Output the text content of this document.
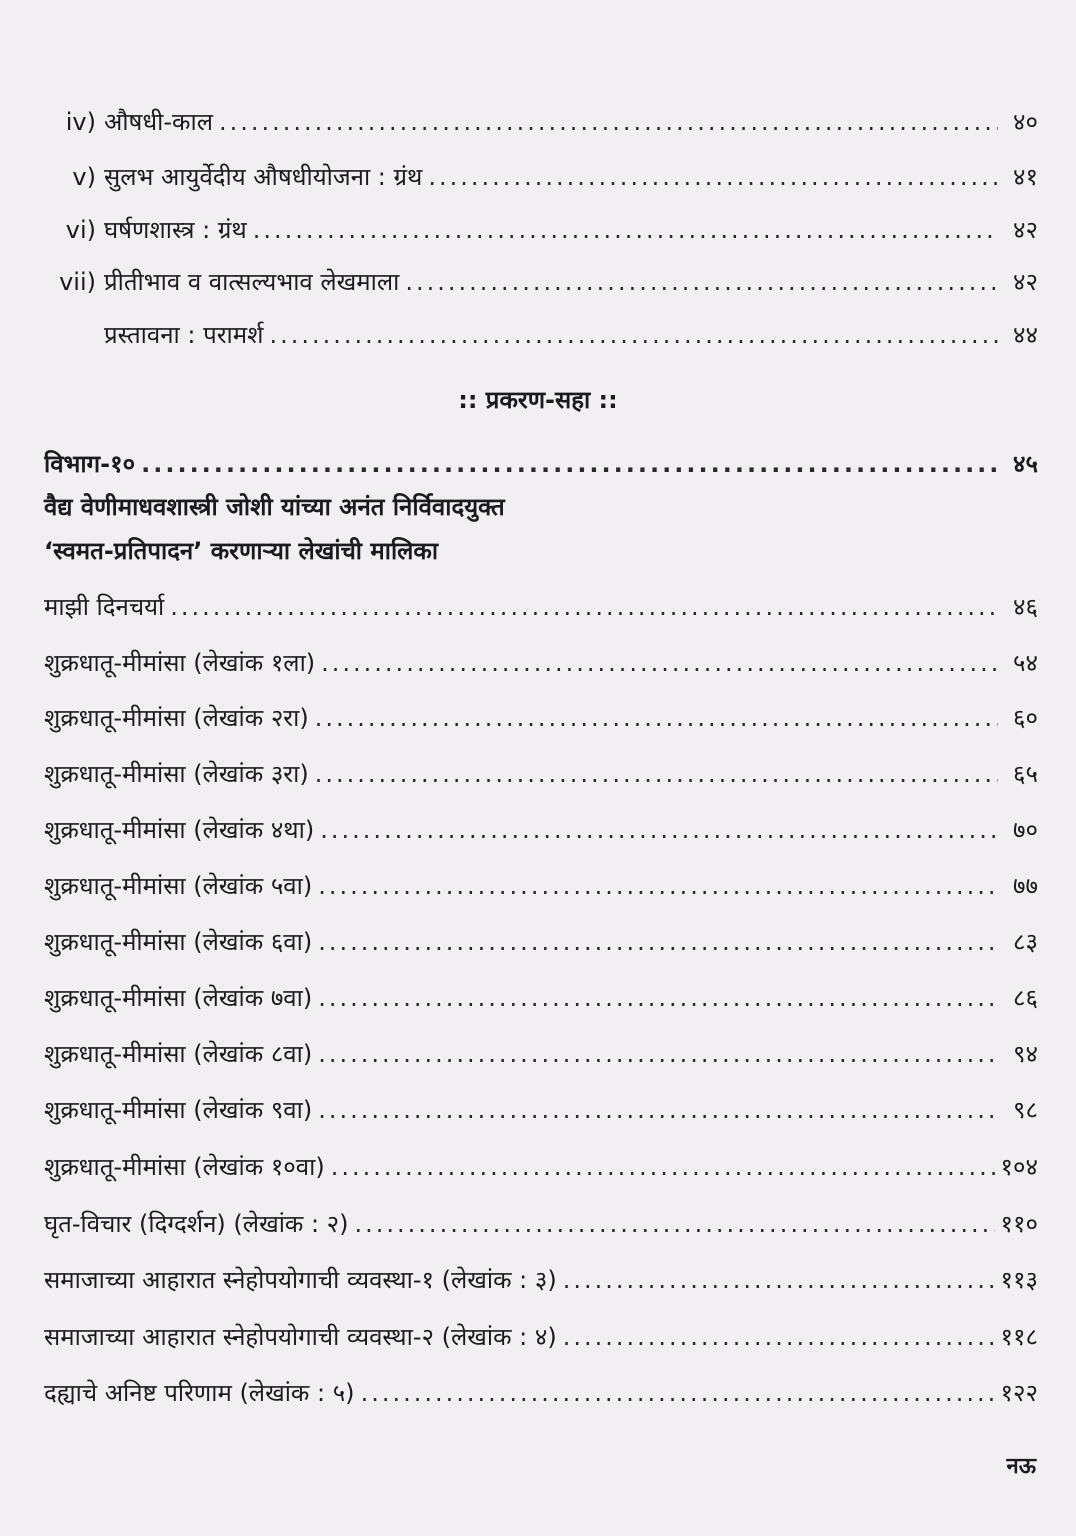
iv) औषधी-काल .....	४०
v) सुलभ आयुर्वेदीय औषधीयोजना : ग्रंथ .....	४१
vi) घर्षणशास्त्र : ग्रंथ .....	४२
vii) प्रीतीभाव व वात्सल्यभाव लेखमाला .....	४२
प्रस्तावना : परामर्श .....	४४
:: प्रकरण-सहा ::
विभाग-१० .....	४५
वैद्य वेणीमाधवशास्त्री जोशी यांच्या अनंत निर्विवादयुक्त
‘स्वमत-प्रतिपादन’ करणाऱ्या लेखांची मालिका
माझी दिनचर्या .....	४६
शुक्रधातू-मीमांसा (लेखांक १ला) .....	५४
शुक्रधातू-मीमांसा (लेखांक २रा) .....	६०
शुक्रधातू-मीमांसा (लेखांक ३रा) .....	६५
शुक्रधातू-मीमांसा (लेखांक ४था) .....	७०
शुक्रधातू-मीमांसा (लेखांक ५वा) .....	७७
शुक्रधातू-मीमांसा (लेखांक ६वा) .....	८३
शुक्रधातू-मीमांसा (लेखांक ७वा) .....	८६
शुक्रधातू-मीमांसा (लेखांक ८वा) .....	९४
शुक्रधातू-मीमांसा (लेखांक ९वा) .....	९८
शुक्रधातू-मीमांसा (लेखांक १०वा) .....	१०४
घृत-विचार (दिग्दर्शन) (लेखांक : २) .....	११०
समाजाच्या आहारात स्नेहोपयोगाची व्यवस्था-१ (लेखांक : ३) .....	११३
समाजाच्या आहारात स्नेहोपयोगाची व्यवस्था-२ (लेखांक : ४) .....	११८
दह्याचे अनिष्ट परिणाम (लेखांक : ५) .....	१२२
नऊ
